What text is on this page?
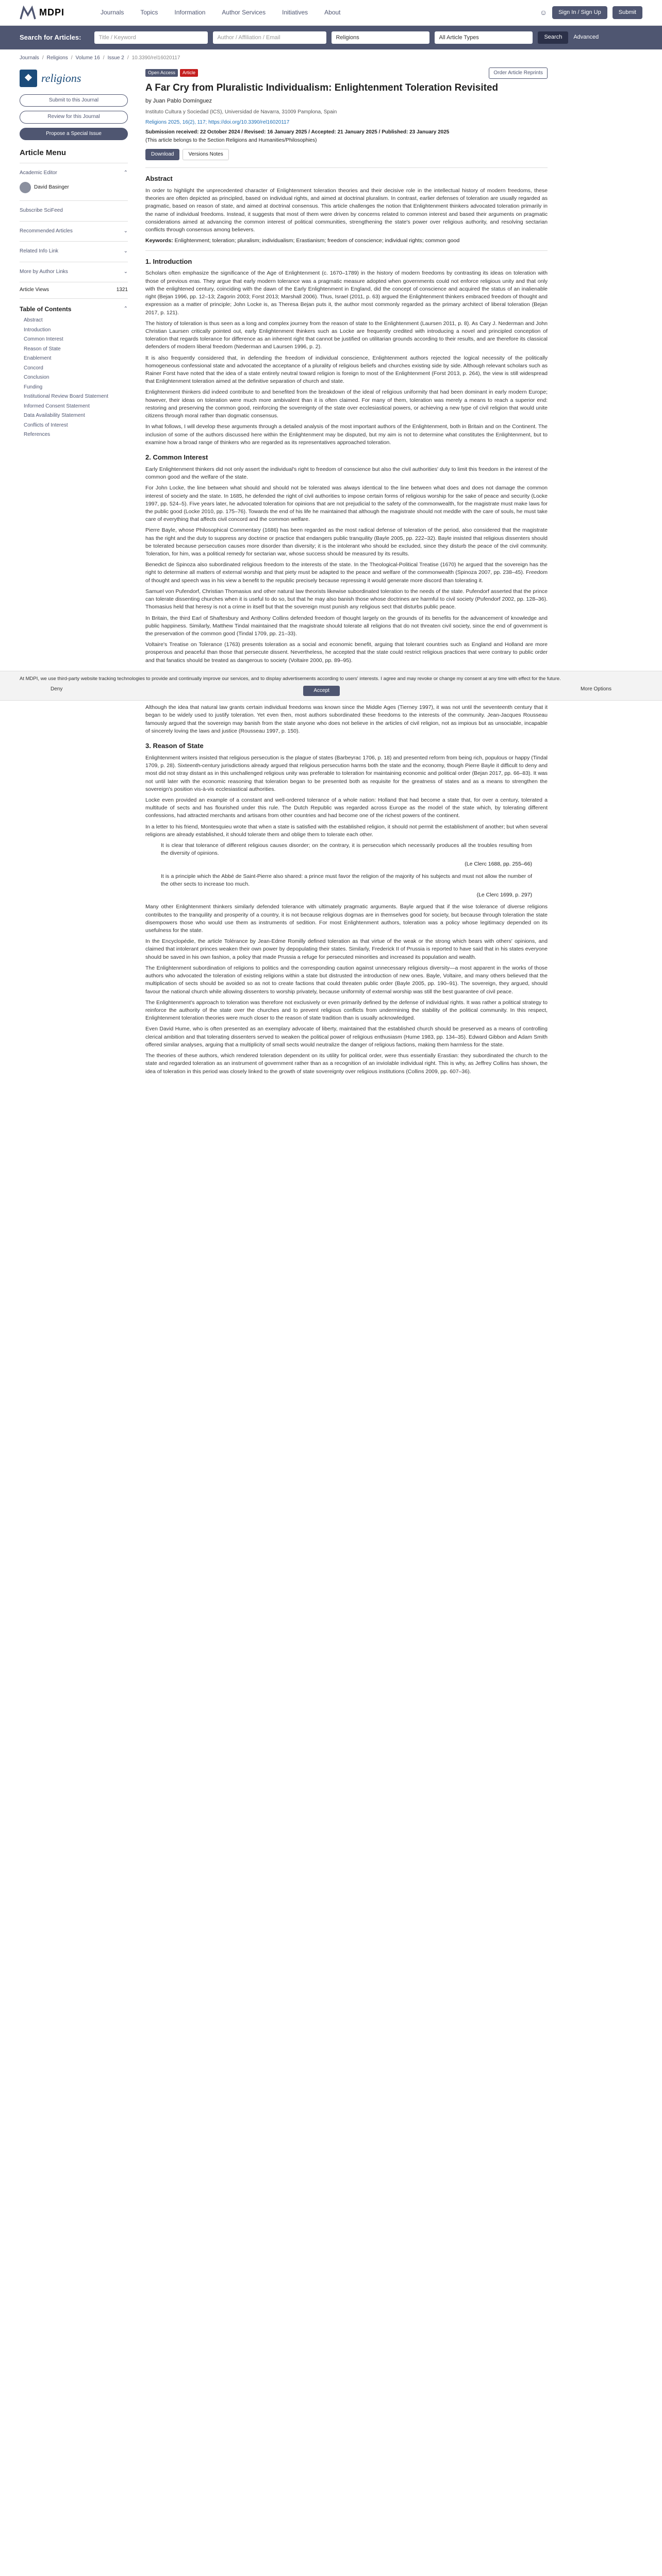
MDPI	Journals	Topics	Information	Author Services	Initiatives	About	☺	Sign In / Sign Up	Submit
Search for Articles:	Title / Keyword	Author / Affiliation / Email	Religions	All Article Types	Search	Advanced
Journals / Religions / Volume 16 / Issue 2 / 10.3390/rel16020117
❖ religions
Submit to this Journal
Review for this Journal
Propose a Special Issue
Article Menu
Academic Editor	⌃
David Basinger
Subscribe SciFeed
Recommended Articles	⌄
Related Info Link	⌄
More by Author Links	⌄
Article Views	1321
Table of Contents	⌃
Abstract
Introduction
Common Interest
Reason of State
Enablement
Concord
Conclusion
Funding
Institutional Review Board Statement
Informed Consent Statement
Data Availability Statement
Conflicts of Interest
References
Open Access	Article	Order Article Reprints
A Far Cry from Pluralistic Individualism: Enlightenment Toleration Revisited
by Juan Pablo Domínguez
Instituto Cultura y Sociedad (ICS), Universidad de Navarra, 31009 Pamplona, Spain
Religions 2025, 16(2), 117; https://doi.org/10.3390/rel16020117
Submission received: 22 October 2024 / Revised: 16 January 2025 / Accepted: 21 January 2025 / Published: 23 January 2025
(This article belongs to the Section Religions and Humanities/Philosophies)
Download	Versions Notes
Abstract

In order to highlight the unprecedented character of Enlightenment toleration theories and their decisive role in the intellectual history of modern freedoms, these theories are often depicted as principled, based on individual rights, and aimed at doctrinal pluralism. In contrast, earlier defenses of toleration are usually regarded as pragmatic, based on reason of state, and aimed at doctrinal consensus. This article challenges the notion that Enlightenment thinkers advocated toleration primarily in the name of individual freedoms. Instead, it suggests that most of them were driven by concerns related to common interest and based their arguments on pragmatic considerations aimed at advancing the common interest of political communities, strengthening the state's power over religious authority, and resolving sectarian conflicts through consensus among believers.

Keywords: Enlightenment; toleration; pluralism; individualism; Erastianism; freedom of conscience; individual rights; common good
1. Introduction

Scholars often emphasize the significance of the Age of Enlightenment (c. 1670–1789) in the history of modern freedoms by contrasting its ideas on toleration with those of previous eras. They argue that early modern tolerance was a pragmatic measure adopted when governments could not enforce religious unity and that only with the enlightened century, coinciding with the dawn of the Early Enlightenment in England, did the concept of conscience and acquired the status of an inalienable right (Bejan 1996, pp. 12–13; Zagorin 2003; Forst 2013; Marshall 2006). Thus, Israel (2011, p. 63) argued the Enlightenment thinkers embraced freedom of thought and expression as a matter of principle; John Locke is, as Theresa Bejan puts it, the author most commonly regarded as the primary architect of liberal toleration (Bejan 2017, p. 121).

The history of toleration is thus seen as a long and complex journey from the reason of state to the Enlightenment (Laursen 2011, p. 8). As Cary J. Nederman and John Christian Laursen critically pointed out, early Enlightenment thinkers such as Locke are frequently credited with introducing a novel and principled conception of toleration that regards tolerance for difference as an inherent right that cannot be justified on utilitarian grounds according to their results, and are therefore its classical defenders of modern liberal freedom (Nederman and Laursen 1996, p. 2).

It is also frequently considered that, in defending the freedom of individual conscience, Enlightenment authors rejected the logical necessity of the politically homogeneous confessional state and advocated the acceptance of a plurality of religious beliefs and churches existing side by side. Although relevant scholars such as Rainer Forst have noted that the idea of a state entirely neutral toward religion is foreign to most of the Enlightenment (Forst 2013, p. 264), the view is still widespread that Enlightenment toleration aimed at the definitive separation of church and state.

Enlightenment thinkers did indeed contribute to and benefited from the breakdown of the ideal of religious uniformity that had been dominant in early modern Europe; however, their ideas on toleration were much more ambivalent than it is often claimed. For many of them, toleration was merely a means to reach a superior end: restoring and preserving the common good, reinforcing the sovereignty of the state over ecclesiastical powers, or achieving a new type of civil religion that would unite citizens through moral rather than dogmatic consensus.

In what follows, I will develop these arguments through a detailed analysis of the most important authors of the Enlightenment, both in Britain and on the Continent. The inclusion of some of the authors discussed here within the Enlightenment may be disputed, but my aim is not to determine what constitutes the Enlightenment, but to examine how a broad range of thinkers who are regarded as its representatives approached toleration.

2. Common Interest

Early Enlightenment thinkers did not only assert the individual's right to freedom of conscience but also the civil authorities' duty to limit this freedom in the interest of the common good and the welfare of the state.

For John Locke, the line between what should and should not be tolerated was always identical to the line between what does and does not damage the common interest of society and the state. In 1685, he defended the right of civil authorities to impose certain forms of religious worship for the sake of peace and security (Locke 1997, pp. 524–5). Five years later, he advocated toleration for opinions that are not prejudicial to the safety of the commonwealth, for the magistrate must make laws for the public good (Locke 2010, pp. 175–76). Towards the end of his life he maintained that although the magistrate should not meddle with the care of souls, he must take care of everything that affects civil concord and the common welfare.

Pierre Bayle, whose Philosophical Commentary (1686) has been regarded as the most radical defense of toleration of the period, also considered that the magistrate has the right and the duty to suppress any doctrine or practice that endangers public tranquility (Bayle 2005, pp. 222–32). Bayle insisted that religious dissenters should be tolerated because persecution causes more disorder than diversity; it is the intolerant who should be excluded, since they disturb the peace of the civil community. Toleration, for him, was a political remedy for sectarian war, whose success should be measured by its results.

Benedict de Spinoza also subordinated religious freedom to the interests of the state. In the Theological-Political Treatise (1670) he argued that the sovereign has the right to determine all matters of external worship and that piety must be adapted to the peace and welfare of the commonwealth (Spinoza 2007, pp. 238–45). Freedom of thought and speech was in his view a benefit to the republic precisely because repressing it would generate more discord than tolerating it.

Samuel von Pufendorf, Christian Thomasius and other natural law theorists likewise subordinated toleration to the needs of the state. Pufendorf asserted that the prince can tolerate dissenting churches when it is useful to do so, but that he may also banish those whose doctrines are harmful to civil society (Pufendorf 2002, pp. 128–36). Thomasius held that heresy is not a crime in itself but that the sovereign must punish any religious sect that disturbs public peace.

In Britain, the third Earl of Shaftesbury and Anthony Collins defended freedom of thought largely on the grounds of its benefits for the advancement of knowledge and public happiness. Similarly, Matthew Tindal maintained that the magistrate should tolerate all religions that do not threaten civil society, since the end of government is the preservation of the common good (Tindal 1709, pp. 21–33).

Voltaire's Treatise on Tolerance (1763) presents toleration as a social and economic benefit, arguing that tolerant countries such as England and Holland are more prosperous and peaceful than those that persecute dissent. Nevertheless, he accepted that the state could restrict religious practices that were contrary to public order and that fanatics should be treated as dangerous to society (Voltaire 2000, pp. 89–95).

At MDPI, we use third-party website tracking technologies to provide and continually improve our services, and to display advertisements according to users' interests. I agree and may revoke or change my consent at any time with effect for the future.
Deny	Accept	More Options

Although the idea that natural law grants certain individual freedoms was known since the Middle Ages (Tierney 1997), it was not until the seventeenth century that it began to be widely used to justify toleration. Yet even then, most authors subordinated these freedoms to the interests of the community. Jean-Jacques Rousseau famously argued that the sovereign may banish from the state anyone who does not believe in the articles of civil religion, not as impious but as unsociable, incapable of sincerely loving the laws and justice (Rousseau 1997, p. 150).

3. Reason of State

Enlightenment writers insisted that religious persecution is the plague of states (Barbeyrac 1706, p. 18) and presented reform from being rich, populous or happy (Tindal 1709, p. 28). Sixteenth-century jurisdictions already argued that religious persecution harms both the state and the economy, though Pierre Bayle it difficult to deny and most did not stray distant as in this unchallenged religious unity was preferable to toleration for maintaining economic and political order (Bejan 2017, pp. 66–83). It was not until later with the economic reasoning that toleration began to be presented both as requisite for the greatness of states and as a means to strengthen the sovereign's position vis-à-vis ecclesiastical authorities.

Locke even provided an example of a constant and well-ordered tolerance of a whole nation: Holland that had become a state that, for over a century, tolerated a multitude of sects and has flourished under this rule. The Dutch Republic was regarded across Europe as the model of the state which, by tolerating different confessions, had attracted merchants and artisans from other countries and had become one of the richest powers of the continent.

In a letter to his friend, Montesquieu wrote that when a state is satisfied with the established religion, it should not permit the establishment of another; but when several religions are already established, it should tolerate them and oblige them to tolerate each other.

It is clear that tolerance of different religious causes disorder; on the contrary, it is persecution which necessarily produces all the troubles resulting from the diversity of opinions.
(Le Clerc 1688, pp. 255–66)
It is a principle which the Abbé de Saint-Pierre also shared: a prince must favor the religion of the majority of his subjects and must not allow the number of the other sects to increase too much.
(Le Clerc 1699, p. 297)

Many other Enlightenment thinkers similarly defended tolerance with ultimately pragmatic arguments. Bayle argued that if the wise tolerance of diverse religions contributes to the tranquility and prosperity of a country, it is not because religious dogmas are in themselves good for society, but because through toleration the state disempowers those who would use them as instruments of sedition. For most Enlightenment authors, toleration was a policy whose legitimacy depended on its usefulness for the state.

In the Encyclopédie, the article Tolérance by Jean-Edme Romilly defined toleration as that virtue of the weak or the strong which bears with others' opinions, and claimed that intolerant princes weaken their own power by depopulating their states. Similarly, Frederick II of Prussia is reported to have said that in his states everyone should be saved in his own fashion, a policy that made Prussia a refuge for persecuted minorities and increased its population and wealth.

The Enlightenment subordination of religions to politics and the corresponding caution against unnecessary religious diversity—a most apparent in the works of those authors who advocated the toleration of existing religions within a state but distrusted the introduction of new ones. Bayle, Voltaire, and many others believed that the multiplication of sects should be avoided so as not to create factions that could threaten public order (Bayle 2005, pp. 190–91). The sovereign, they argued, should favour the national church while allowing dissenters to worship privately, because uniformity of external worship was still the best guarantee of civil peace.

The Enlightenment's approach to toleration was therefore not exclusively or even primarily defined by the defense of individual rights. It was rather a political strategy to reinforce the authority of the state over the churches and to prevent religious conflicts from undermining the stability of the political community. In this respect, Enlightenment toleration theories were much closer to the reason of state tradition than is usually acknowledged.

Even David Hume, who is often presented as an exemplary advocate of liberty, maintained that the established church should be preserved as a means of controlling clerical ambition and that tolerating dissenters served to weaken the political power of religious enthusiasm (Hume 1983, pp. 134–35). Edward Gibbon and Adam Smith offered similar analyses, arguing that a multiplicity of small sects would neutralize the danger of religious factions, making them harmless for the state.

The theories of these authors, which rendered toleration dependent on its utility for political order, were thus essentially Erastian: they subordinated the church to the state and regarded toleration as an instrument of government rather than as a recognition of an inviolable individual right. This is why, as Jeffrey Collins has shown, the idea of toleration in this period was closely linked to the growth of state sovereignty over religious institutions (Collins 2009, pp. 607–36).
